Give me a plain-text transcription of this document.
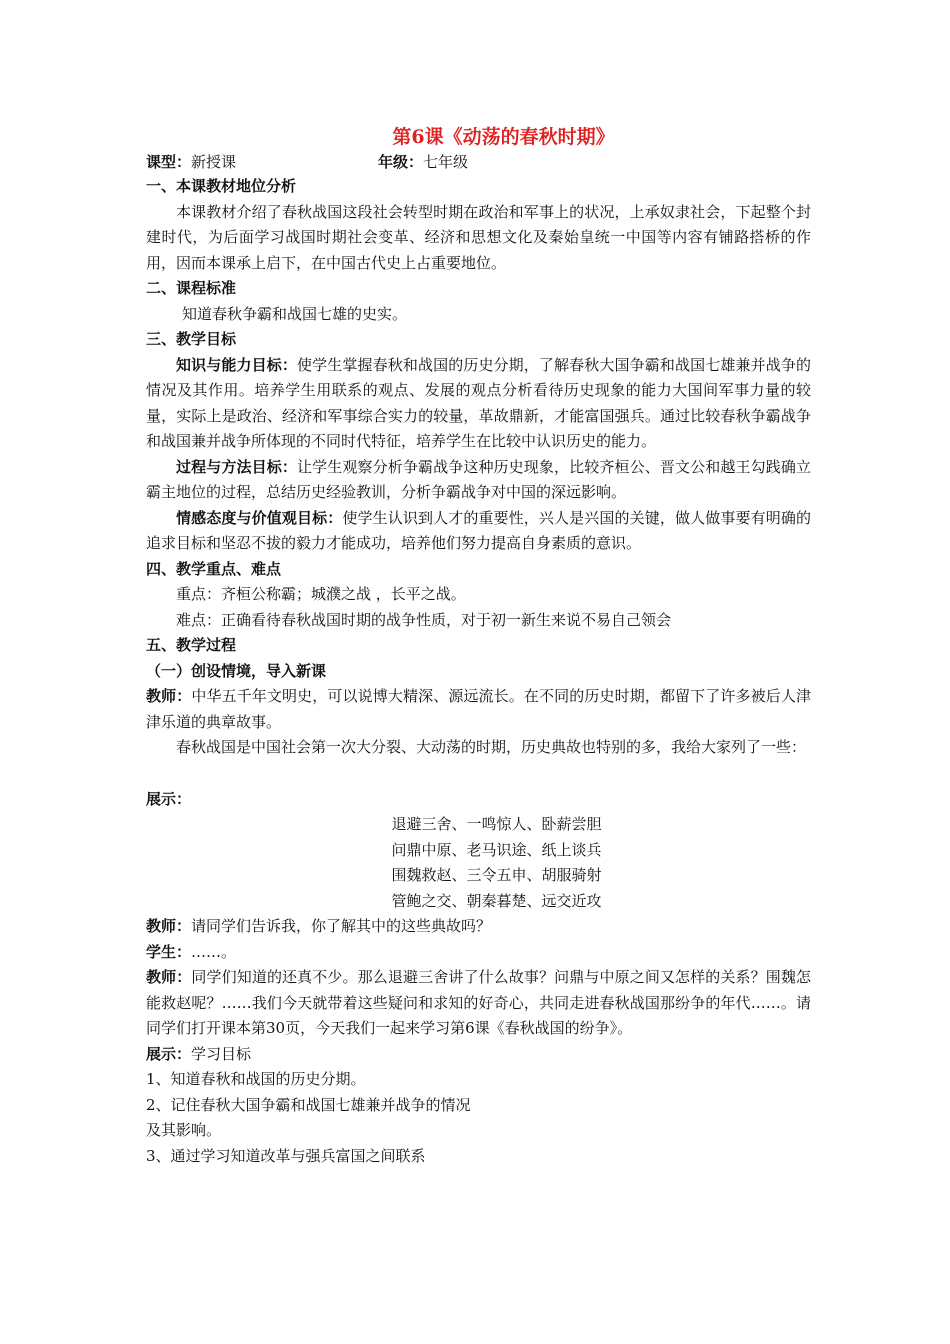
第6课《动荡的春秋时期》
课型：新授课	年级：七年级
一、本课教材地位分析
本课教材介绍了春秋战国这段社会转型时期在政治和军事上的状况，上承奴隶社会，下起整个封建时代，为后面学习战国时期社会变革、经济和思想文化及秦始皇统一中国等内容有铺路搭桥的作用，因而本课承上启下，在中国古代史上占重要地位。
二、课程标准
知道春秋争霸和战国七雄的史实。
三、教学目标
知识与能力目标：使学生掌握春秋和战国的历史分期，了解春秋大国争霸和战国七雄兼并战争的情况及其作用。培养学生用联系的观点、发展的观点分析看待历史现象的能力大国间军事力量的较量，实际上是政治、经济和军事综合实力的较量，革故鼎新，才能富国强兵。通过比较春秋争霸战争和战国兼并战争所体现的不同时代特征，培养学生在比较中认识历史的能力。
过程与方法目标：让学生观察分析争霸战争这种历史现象，比较齐桓公、晋文公和越王勾践确立霸主地位的过程，总结历史经验教训，分析争霸战争对中国的深远影响。
情感态度与价值观目标：使学生认识到人才的重要性，兴人是兴国的关键，做人做事要有明确的追求目标和坚忍不拔的毅力才能成功，培养他们努力提高自身素质的意识。
四、教学重点、难点
重点：齐桓公称霸；城濮之战 ，长平之战。
难点：正确看待春秋战国时期的战争性质，对于初一新生来说不易自己领会
五、教学过程
（一）创设情境，导入新课
教师：中华五千年文明史，可以说博大精深、源远流长。在不同的历史时期，都留下了许多被后人津津乐道的典章故事。
春秋战国是中国社会第一次大分裂、大动荡的时期，历史典故也特别的多，我给大家列了一些：
展示：
退避三舍、一鸣惊人、卧薪尝胆
问鼎中原、老马识途、纸上谈兵
围魏救赵、三令五申、胡服骑射
管鲍之交、朝秦暮楚、远交近攻
教师：请同学们告诉我，你了解其中的这些典故吗？
学生：……。
教师：同学们知道的还真不少。那么退避三舍讲了什么故事？问鼎与中原之间又怎样的关系？围魏怎能救赵呢？……我们今天就带着这些疑问和求知的好奇心，共同走进春秋战国那纷争的年代……。请同学们打开课本第30页，今天我们一起来学习第6课《春秋战国的纷争》。
展示：学习目标
1、知道春秋和战国的历史分期。
2、记住春秋大国争霸和战国七雄兼并战争的情况
及其影响。
3、通过学习知道改革与强兵富国之间联系
